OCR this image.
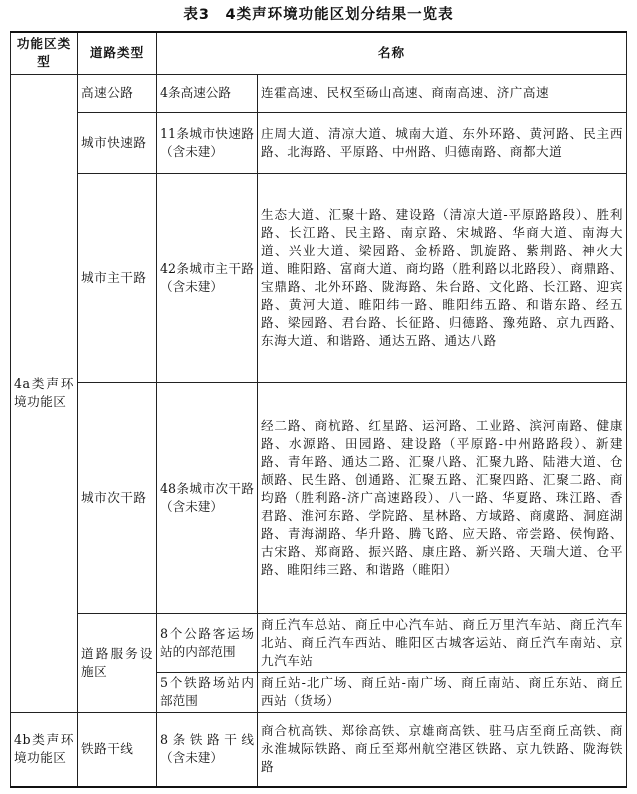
表3　4类声环境功能区划分结果一览表
功能区类型	道路类型	名称	
4a类声环境功能区	高速公路	4条高速公路	连霍高速、民权至砀山高速、商南高速、济广高速
	城市快速路	11条城市快速路（含未建）	庄周大道、清凉大道、城南大道、东外环路、黄河路、民主西路、北海路、平原路、中州路、归德南路、商都大道
	城市主干路	42条城市主干路（含未建）	生态大道、汇聚十路、建设路（清凉大道-平原路路段）、胜利路、长江路、民主路、南京路、宋城路、华商大道、南海大道、兴业大道、梁园路、金桥路、凯旋路、紫荆路、神火大道、睢阳路、富商大道、商均路（胜利路以北路段）、商鼎路、宝鼎路、北外环路、陇海路、朱台路、文化路、长江路、迎宾路、黄河大道、睢阳纬一路、睢阳纬五路、和谐东路、经五路、梁园路、君台路、长征路、归德路、豫苑路、京九西路、东海大道、和谐路、通达五路、通达八路
	城市次干路	48条城市次干路（含未建）	经二路、商杭路、红星路、运河路、工业路、滨河南路、健康路、水源路、田园路、建设路（平原路-中州路路段）、新建路、青年路、通达二路、汇聚八路、汇聚九路、陆港大道、仓颉路、民生路、创通路、汇聚五路、汇聚四路、汇聚二路、商均路（胜利路-济广高速路段）、八一路、华夏路、珠江路、香君路、淮河东路、学院路、星林路、方域路、商虞路、洞庭湖路、青海湖路、华升路、腾飞路、应天路、帝尝路、侯恂路、古宋路、郑商路、振兴路、康庄路、新兴路、天瑞大道、仓平路、睢阳纬三路、和谐路（睢阳）
	道路服务设施区	8个公路客运场站的内部范围	商丘汽车总站、商丘中心汽车站、商丘万里汽车站、商丘汽车北站、商丘汽车西站、睢阳区古城客运站、商丘汽车南站、京九汽车站
		5个铁路场站内部范围	商丘站-北广场、商丘站-南广场、商丘南站、商丘东站、商丘西站（货场）
4b类声环境功能区	铁路干线	8条铁路干线（含未建）	商合杭高铁、郑徐高铁、京雄商高铁、驻马店至商丘高铁、商永淮城际铁路、商丘至郑州航空港区铁路、京九铁路、陇海铁路
